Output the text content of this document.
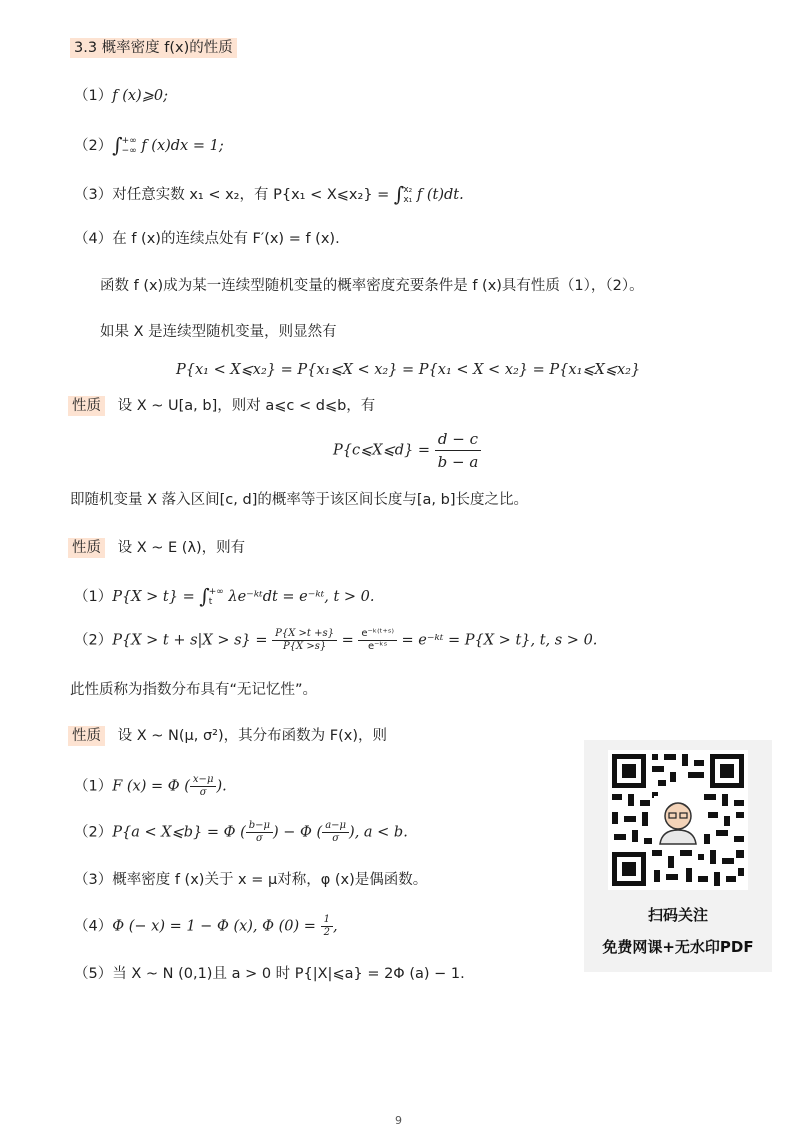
3.3 概率密度 f(x)的性质
（1）f (x)⩾0;
（2）∫ +∞
−∞ f (x)dx = 1;
（3）对任意实数 x₁ < x₂，有 P{x₁ < X⩽x₂} = ∫ x₂
x₁ f (t)dt.
（4）在 f (x)的连续点处有 F′(x) = f (x).
函数 f (x)成为某一连续型随机变量的概率密度充要条件是 f (x)具有性质（1），（2）。
如果 X 是连续型随机变量，则显然有
P{x₁ < X⩽x₂} = P{x₁⩽X < x₂} = P{x₁ < X < x₂} = P{x₁⩽X⩽x₂}
性质 设 X ~ U[a, b]，则对 a⩽c < d⩽b，有
P{c⩽X⩽d} = $\frac{d - c}{b - a}$
即随机变量 X 落入区间[c, d]的概率等于该区间长度与[a, b]长度之比。
性质 设 X ~ E (λ)，则有
（1）P{X > t} = ∫ +∞
t	λe⁻ᵏᵗdt = e⁻ᵏᵗ, t > 0.
$(2)P\{X > t + s|X > s\} = \frac{P\{X >t +s\}}{P\{X >s\}} = \frac{\text{e⁻ᵏ⁽ᵗ⁺ˢ⁾}}{\text{e⁻ᵏˢ}}$ = e⁻ᵏᵗ = P{X > t}, t, s > 0.
此性质称为指数分布具有“无记忆性”。
性质 设 X ~ N(μ, σ²)，其分布函数为 F(x)，则
（1）F (x) = Φ ( $\frac{x-\mu}{\sigma}$ ).
（2）P{a < X⩽b} = Φ ( $\frac{b-\mu}{\sigma}$ ) − Φ ( $\frac{a-\mu}{\sigma}$ ), a < b.
（3）概率密度 f (x)关于 x = μ对称，φ (x)是偶函数。
（4）Φ (− x) = 1 − Φ (x), Φ $(0) = \frac{1}{2}$ ,
（5）当 X ~ N (0,1)且 a > 0 时 P{|X|⩽a} = 2Φ (a) − 1.
扫码关注
免费网课+无水印PDF
9
